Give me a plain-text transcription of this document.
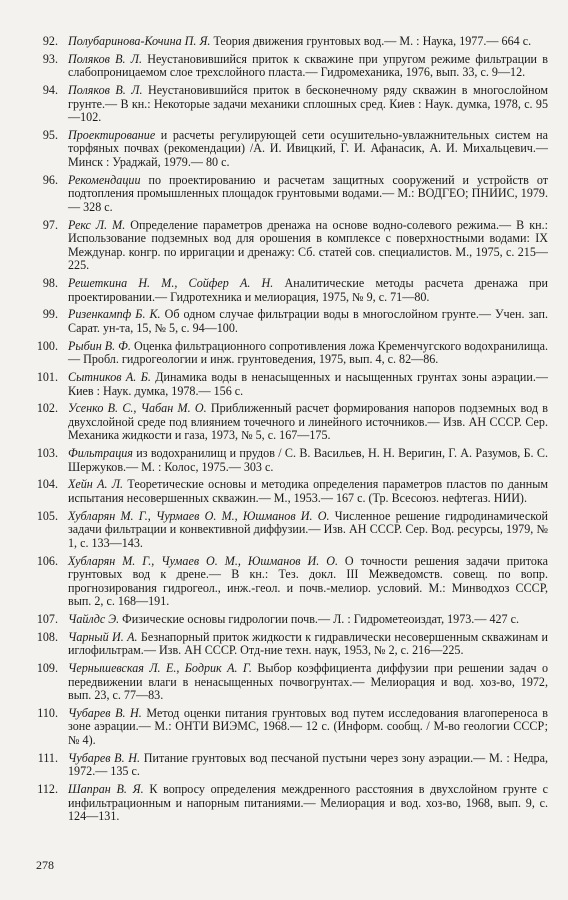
92. Полубаринова-Кочина П. Я. Теория движения грунтовых вод.— М. : Наука, 1977.— 664 с.
93. Поляков В. Л. Неустановившийся приток к скважине при упругом режиме фильтрации в слабопроницаемом слое трехслойного пласта.— Гидромеханика, 1976, вып. 33, с. 9—12.
94. Поляков В. Л. Неустановившийся приток в бесконечному ряду скважин в многослойном грунте.— В кн.: Некоторые задачи механики сплошных сред. Киев : Наук. думка, 1978, с. 95—102.
95. Проектирование и расчеты регулирующей сети осушительно-увлажнительных систем на торфяных почвах (рекомендации) /А. И. Ивицкий, Г. И. Афанасик, А. И. Михальцевич.— Минск : Ураджай, 1979.— 80 с.
96. Рекомендации по проектированию и расчетам защитных сооружений и устройств от подтопления промышленных площадок грунтовыми водами.— М.: ВОДГЕО; ПНИИС, 1979.— 328 с.
97. Рекс Л. М. Определение параметров дренажа на основе водно-солевого режима.— В кн.: Использование подземных вод для орошения в комплексе с поверхностными водами: IX Междунар. конгр. по ирригации и дренажу: Сб. статей сов. специалистов. М., 1975, с. 215—225.
98. Решеткина Н. М., Сойфер А. Н. Аналитические методы расчета дренажа при проектировании.— Гидротехника и мелиорация, 1975, № 9, с. 71—80.
99. Ризенкампф Б. К. Об одном случае фильтрации воды в многослойном грунте.— Учен. зап. Сарат. ун-та, 15, № 5, с. 94—100.
100. Рыбин В. Ф. Оценка фильтрационного сопротивления ложа Кременчугского водохранилища.— Пробл. гидрогеологии и инж. грунтоведения, 1975, вып. 4, с. 82—86.
101. Сытников А. Б. Динамика воды в ненасыщенных и насыщенных грунтах зоны аэрации.— Киев : Наук. думка, 1978.— 156 с.
102. Усенко В. С., Чабан М. О. Приближенный расчет формирования напоров подземных вод в двухслойной среде под влиянием точечного и линейного источников.— Изв. АН СССР. Сер. Механика жидкости и газа, 1973, № 5, с. 167—175.
103. Фильтрация из водохранилищ и прудов / С. В. Васильев, Н. Н. Веригин, Г. А. Разумов, Б. С. Шержуков.— М. : Колос, 1975.— 303 с.
104. Хейн А. Л. Теоретические основы и методика определения параметров пластов по данным испытания несовершенных скважин.— М., 1953.— 167 с. (Тр. Всесоюз. нефтегаз. НИИ).
105. Хубларян М. Г., Чурмаев О. М., Юшманов И. О. Численное решение гидродинамической задачи фильтрации и конвективной диффузии.— Изв. АН СССР. Сер. Вод. ресурсы, 1979, № 1, с. 133—143.
106. Хубларян М. Г., Чумаев О. М., Юшманов И. О. О точности решения задачи притока грунтовых вод к дрене.— В кн.: Тез. докл. III Межведомств. совещ. по вопр. прогнозирования гидрогеол., инж.-геол. и почв.-мелиор. условий. М.: Минводхоз СССР, вып. 2, с. 168—191.
107. Чайлдс Э. Физические основы гидрологии почв.— Л. : Гидрометеоиздат, 1973.— 427 с.
108. Чарный И. А. Безнапорный приток жидкости к гидравлически несовершенным скважинам и иглофильтрам.— Изв. АН СССР. Отд-ние техн. наук, 1953, № 2, с. 216—225.
109. Чернышевская Л. Е., Бодрик А. Г. Выбор коэффициента диффузии при решении задач о передвижении влаги в ненасыщенных почвогрунтах.— Мелиорация и вод. хоз-во, 1972, вып. 23, с. 77—83.
110. Чубарев В. Н. Метод оценки питания грунтовых вод путем исследования влагопереноса в зоне аэрации.— М.: ОНТИ ВИЭМС, 1968.— 12 с. (Информ. сообщ. / М-во геологии СССР; № 4).
111. Чубарев В. Н. Питание грунтовых вод песчаной пустыни через зону аэрации.— М. : Недра, 1972.— 135 с.
112. Шапран В. Я. К вопросу определения междренного расстояния в двухслойном грунте с инфильтрационным и напорным питаниями.— Мелиорация и вод. хоз-во, 1968, вып. 9, с. 124—131.
278
